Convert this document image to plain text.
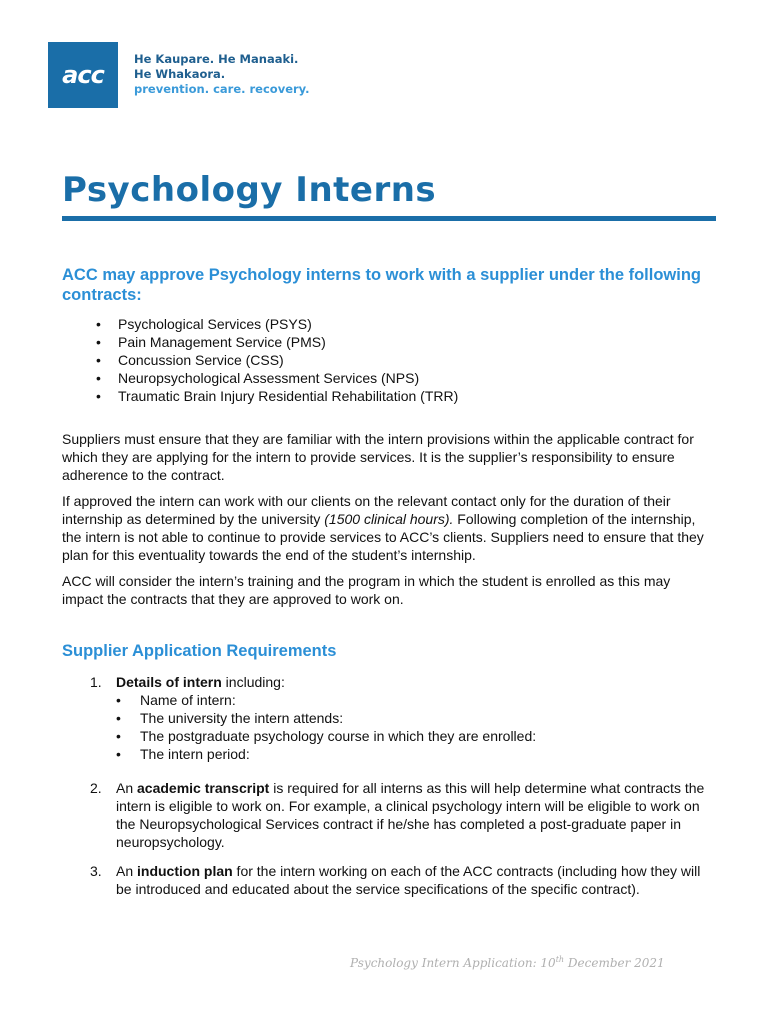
acc
He Kaupare. He Manaaki.
He Whakaora.
prevention. care. recovery.
Psychology Interns

ACC may approve Psychology interns to work with a supplier under the following contracts:

• Psychological Services (PSYS)
• Pain Management Service (PMS)
• Concussion Service (CSS)
• Neuropsychological Assessment Services (NPS)
• Traumatic Brain Injury Residential Rehabilitation (TRR)

Suppliers must ensure that they are familiar with the intern provisions within the applicable contract for which they are applying for the intern to provide services. It is the supplier’s responsibility to ensure adherence to the contract.

If approved the intern can work with our clients on the relevant contact only for the duration of their internship as determined by the university (1500 clinical hours). Following completion of the internship, the intern is not able to continue to provide services to ACC’s clients. Suppliers need to ensure that they plan for this eventuality towards the end of the student’s internship.

ACC will consider the intern’s training and the program in which the student is enrolled as this may impact the contracts that they are approved to work on.

Supplier Application Requirements
1. Details of intern including:
• Name of intern:
• The university the intern attends:
• The postgraduate psychology course in which they are enrolled:
• The intern period:
2. An academic transcript is required for all interns as this will help determine what contracts the intern is eligible to work on. For example, a clinical psychology intern will be eligible to work on the Neuropsychological Services contract if he/she has completed a post-graduate paper in neuropsychology.
3. An induction plan for the intern working on each of the ACC contracts (including how they will be introduced and educated about the service specifications of the specific contract).
Psychology Intern Application: 10th December 2021
